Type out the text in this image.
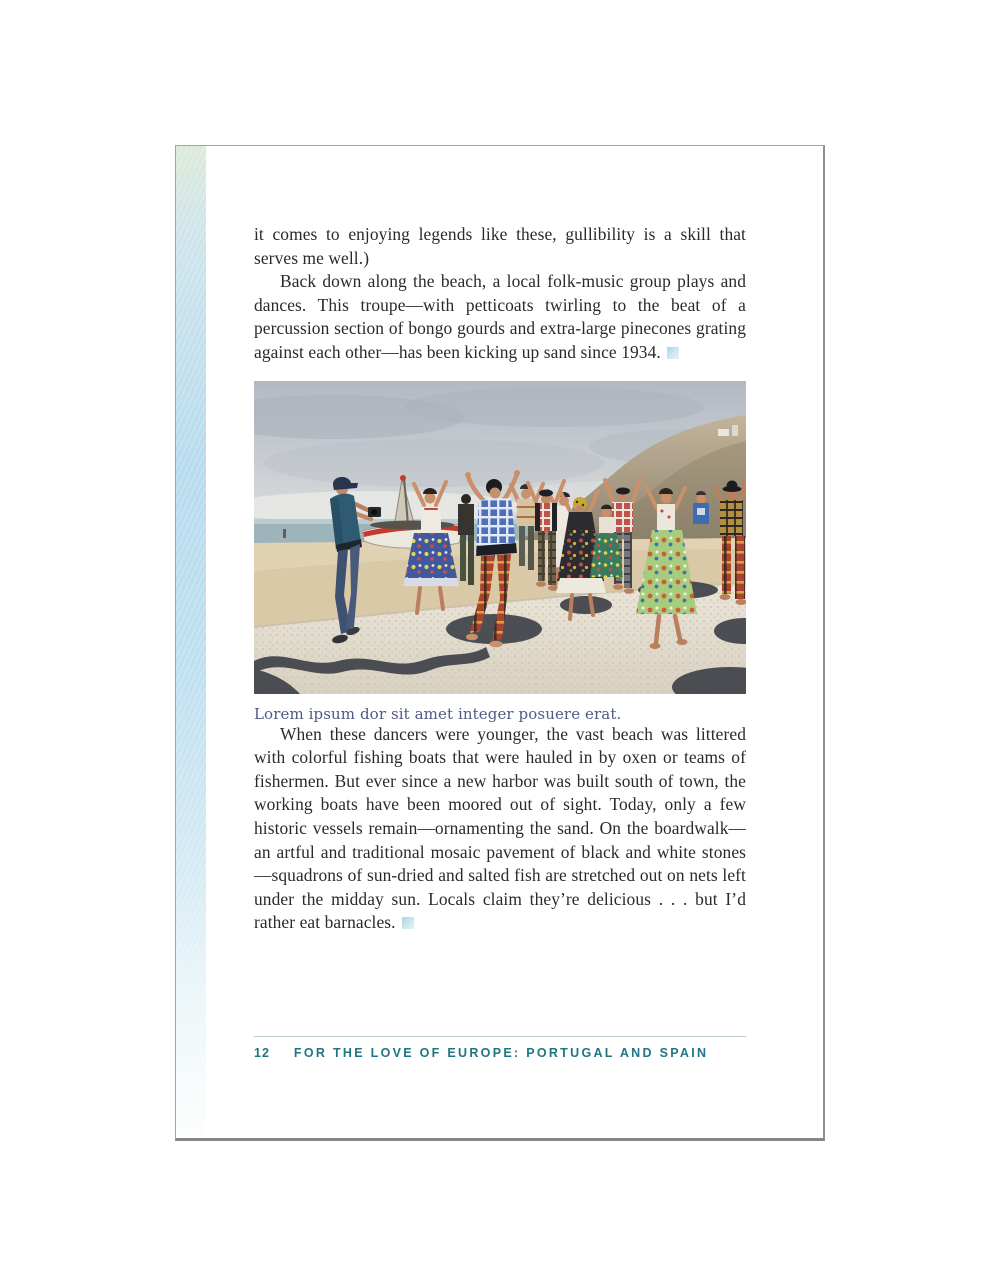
it comes to enjoying legends like these, gullibility is a skill that serves me well.)

Back down along the beach, a local folk-music group plays and dances. This troupe—with petticoats twirling to the beat of a percussion section of bongo gourds and extra-large pinecones grating against each other—has been kicking up sand since 1934.

Lorem ipsum dor sit amet integer posuere erat.

When these dancers were younger, the vast beach was littered with colorful fishing boats that were hauled in by oxen or teams of fishermen. But ever since a new harbor was built south of town, the working boats have been moored out of sight. Today, only a few historic vessels remain—ornamenting the sand. On the boardwalk—an artful and traditional mosaic pavement of black and white stones—squadrons of sun-dried and salted fish are stretched out on nets left under the midday sun. Locals claim they’re delicious . . . but I’d rather eat barnacles.

12 FOR THE LOVE OF EUROPE: PORTUGAL AND SPAIN
